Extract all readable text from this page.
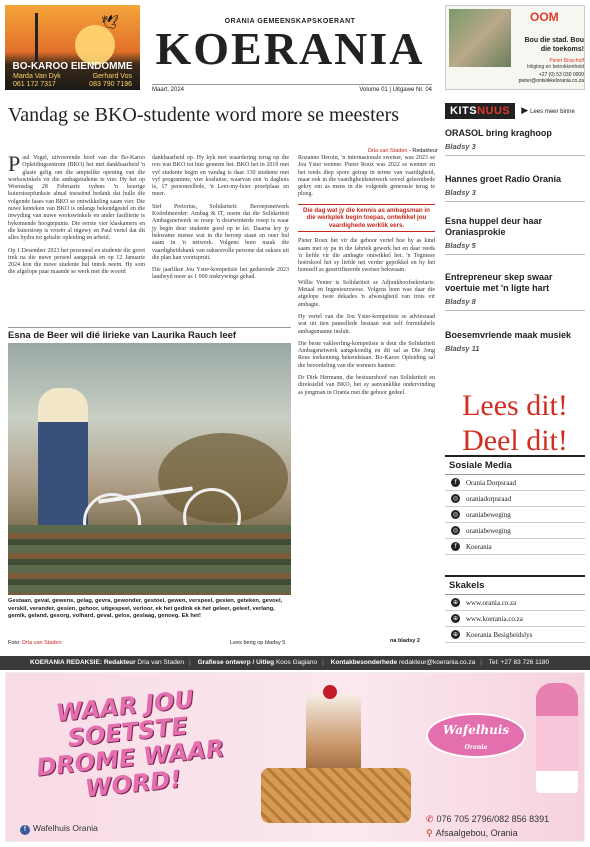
🕊
BO-KAROO EIENDOMME
Marda Van Dyk
061 172 7317
Gerhard Vos
083 790 7196
ORANIA GEMEENSKAPSKOERANT
KOERANIA
Maart, 2024	Volume 01 | Uitgawe Nr. 04
OOM
Bou die stad. Bou die toekoms!
Pieter Bisschoff
Inligting en betrokkenheid
+27 (0) 53 030 0000
pieter@ontwikkelorania.co.za
Vandag se BKO-studente word more se meesters
Dria van Staden - Redakteur

Paul Vogel, uitvoerende hoof van die Bo-Karoo Opleidingsentrum (BKO) het met dankbaarheid 'n glasie gelig om die amptelike opening van die werkswinkels vir die ambagstudente te vier. Hy het op Woensdag 28 Februarie tydens 'n keurige kuierstoepfunksie almal toeseënd bedank dat hulle die volgende fases van BKO se ontwikkeling saam vier. Die nuwe kenteken van BKO is onlangs bekendgestel en die inwyding van nuwe werkswinkels en ander fasiliteite is bykomende hoogtepunte. Die eerste vier klaskamers en die kuierstoep is vroeër al ingewy en Paul vertel dat dit alles bydra tot gehalte opleiding en arbeid.

Op 1 Desember 2023 het personeel en studente die groot trek na die nuwe perseel aangepak en op 12 Januarie 2024 kon die nuwe studente hul intrek neem. Hy som die afgelope paar maande se werk met die woord

dankbaarheid op. Hy kyk met waardering terug op die reis wat BKO tot hier geneem het. BKO het in 2019 met vyf studente begin en vandag is daar 130 studente met vyf programme, vier koshuise, waarvan een 'n daghuis is, 17 personeellede, 'n Leer-my-hoer proefplaas en meer.

Stef Pretorius, Solidariteit: Beroepsnetwerk Koördineerder: Ambag & IT, noem dat die Solidariteit Ambagsnetwerk se resep 'n deurwinterde resep is waar jy begin deur studente goed op te lei. Daarna kry jy bekwame mense wat in die beroep staan en ouer hul saam in 'n netwerk. Volgens hom maak die vaardigheidsbank van suksesvolle persone dat sukses uit die plan kan voortspruit.

Die jaarlikse Jou Yster-kompetisie het gedurende 2023 landwyd meer as 1 000 inskrywings gehad.

Rozanne Heroin, 'n internasionale sweiser, was 2023 se Jou Yster wenner. Pieter Roux was 2022 se wenner en het reeds diep spore getrap in terme van vaardigheid, maar ook in die vaardigheidsnetwerk soveel geleenthede gekry om as mens in die volgende generasie terug te ploeg.

Die dag wat jy die kennis as ambagsman in die werkplek begin toepas, ontwikkel jou vaardighede werklik eers.

Pieter Roux het vir die gehoor vertel hoe hy as kind saam met sy pa in die fabriek gewerk het en daar reeds 'n liefde vir die ambagte ontwikkel het. 'n Tegniese hoërskool het sy liefde net verder geprikkel en hy het homself as gesertifiseerde sweiser bekwaam.

Willie Venter is Solidariteit se Adjunkhoofsekretaris: Metaal en Ingenieurswese. Volgens hom was daar die afgelope twee dekades 'n afwesigheid van trots vir ambagte.

Hy vertel van die Jou Yster-kompetisie se adviesraad wat uit tien paneellede bestaan wat self formidabele ambagsmanne insluit.

Die beste vakleerling-kompetisie is deur die Solidariteit Ambagsnetwerk aangekondig en dit sal as Die Jong Reus toekenning bekendstaan. Bo-Karoo Opleiding sal die beoordeling van die wenners hanteer.

Dr Dirk Hermann, die bestuurshoof van Solidariteit en direksielid van BKO, het sy aanvanklike ondervinding as jongman in Orania met die gehoor gedeel.

Esna de Beer wil dié lirieke van Laurika Rauch leef
Gestaan, geval, gewens, gelag, gevra, gewonder, gestoei, gewen, verspeel, gesien, geteken, gevoel, verskil, verander, gesien, gehoor, uitgespeel, verloor, ek het gedink ek het geleer, geleef, verlang, gemik, geland, gesorg, volhard, geval, gelos, geslaag, genoeg. Ek het!
Foto: Dria van Staden	Lees berig op bladsy 5	na bladsy 2
KITSNUUS	▶ Lees meer binne
ORASOL bring kraghoop
Bladsy 3
Hannes groet Radio Orania
Bladsy 3
Esna huppel deur haar Oraniasprokie
Bladsy 5
Entrepreneur skep swaar voertuie met 'n ligte hart
Bladsy 8
Boesemvriende maak musiek
Bladsy 11
Lees dit!
Deel dit!
Sosiale Media
f	Orania Dorpsraad
◎ oraniadorpsraad
◎ oraniabeweging
◎ oraniabeweging
f	Koerania
Skakels
⊕ www.orania.co.za
⊕ www.koerania.co.za
⊕ Koerania Besigheidslys
KOERANIA REDAKSIE: Redakteur Dria van Staden | Grafiese ontwerp / Uitleg Koos Gagiano | Kontakbesonderhede redakteur@koerania.co.za | Tel: +27 83 726 1180
WAAR JOU SOETSTE DROME WAAR WORD!
Wafelhuis
Orania
f Wafelhuis Orania
✆ 076 705 2796/082 856 8391
⚲ Afsaalgebou, Orania
